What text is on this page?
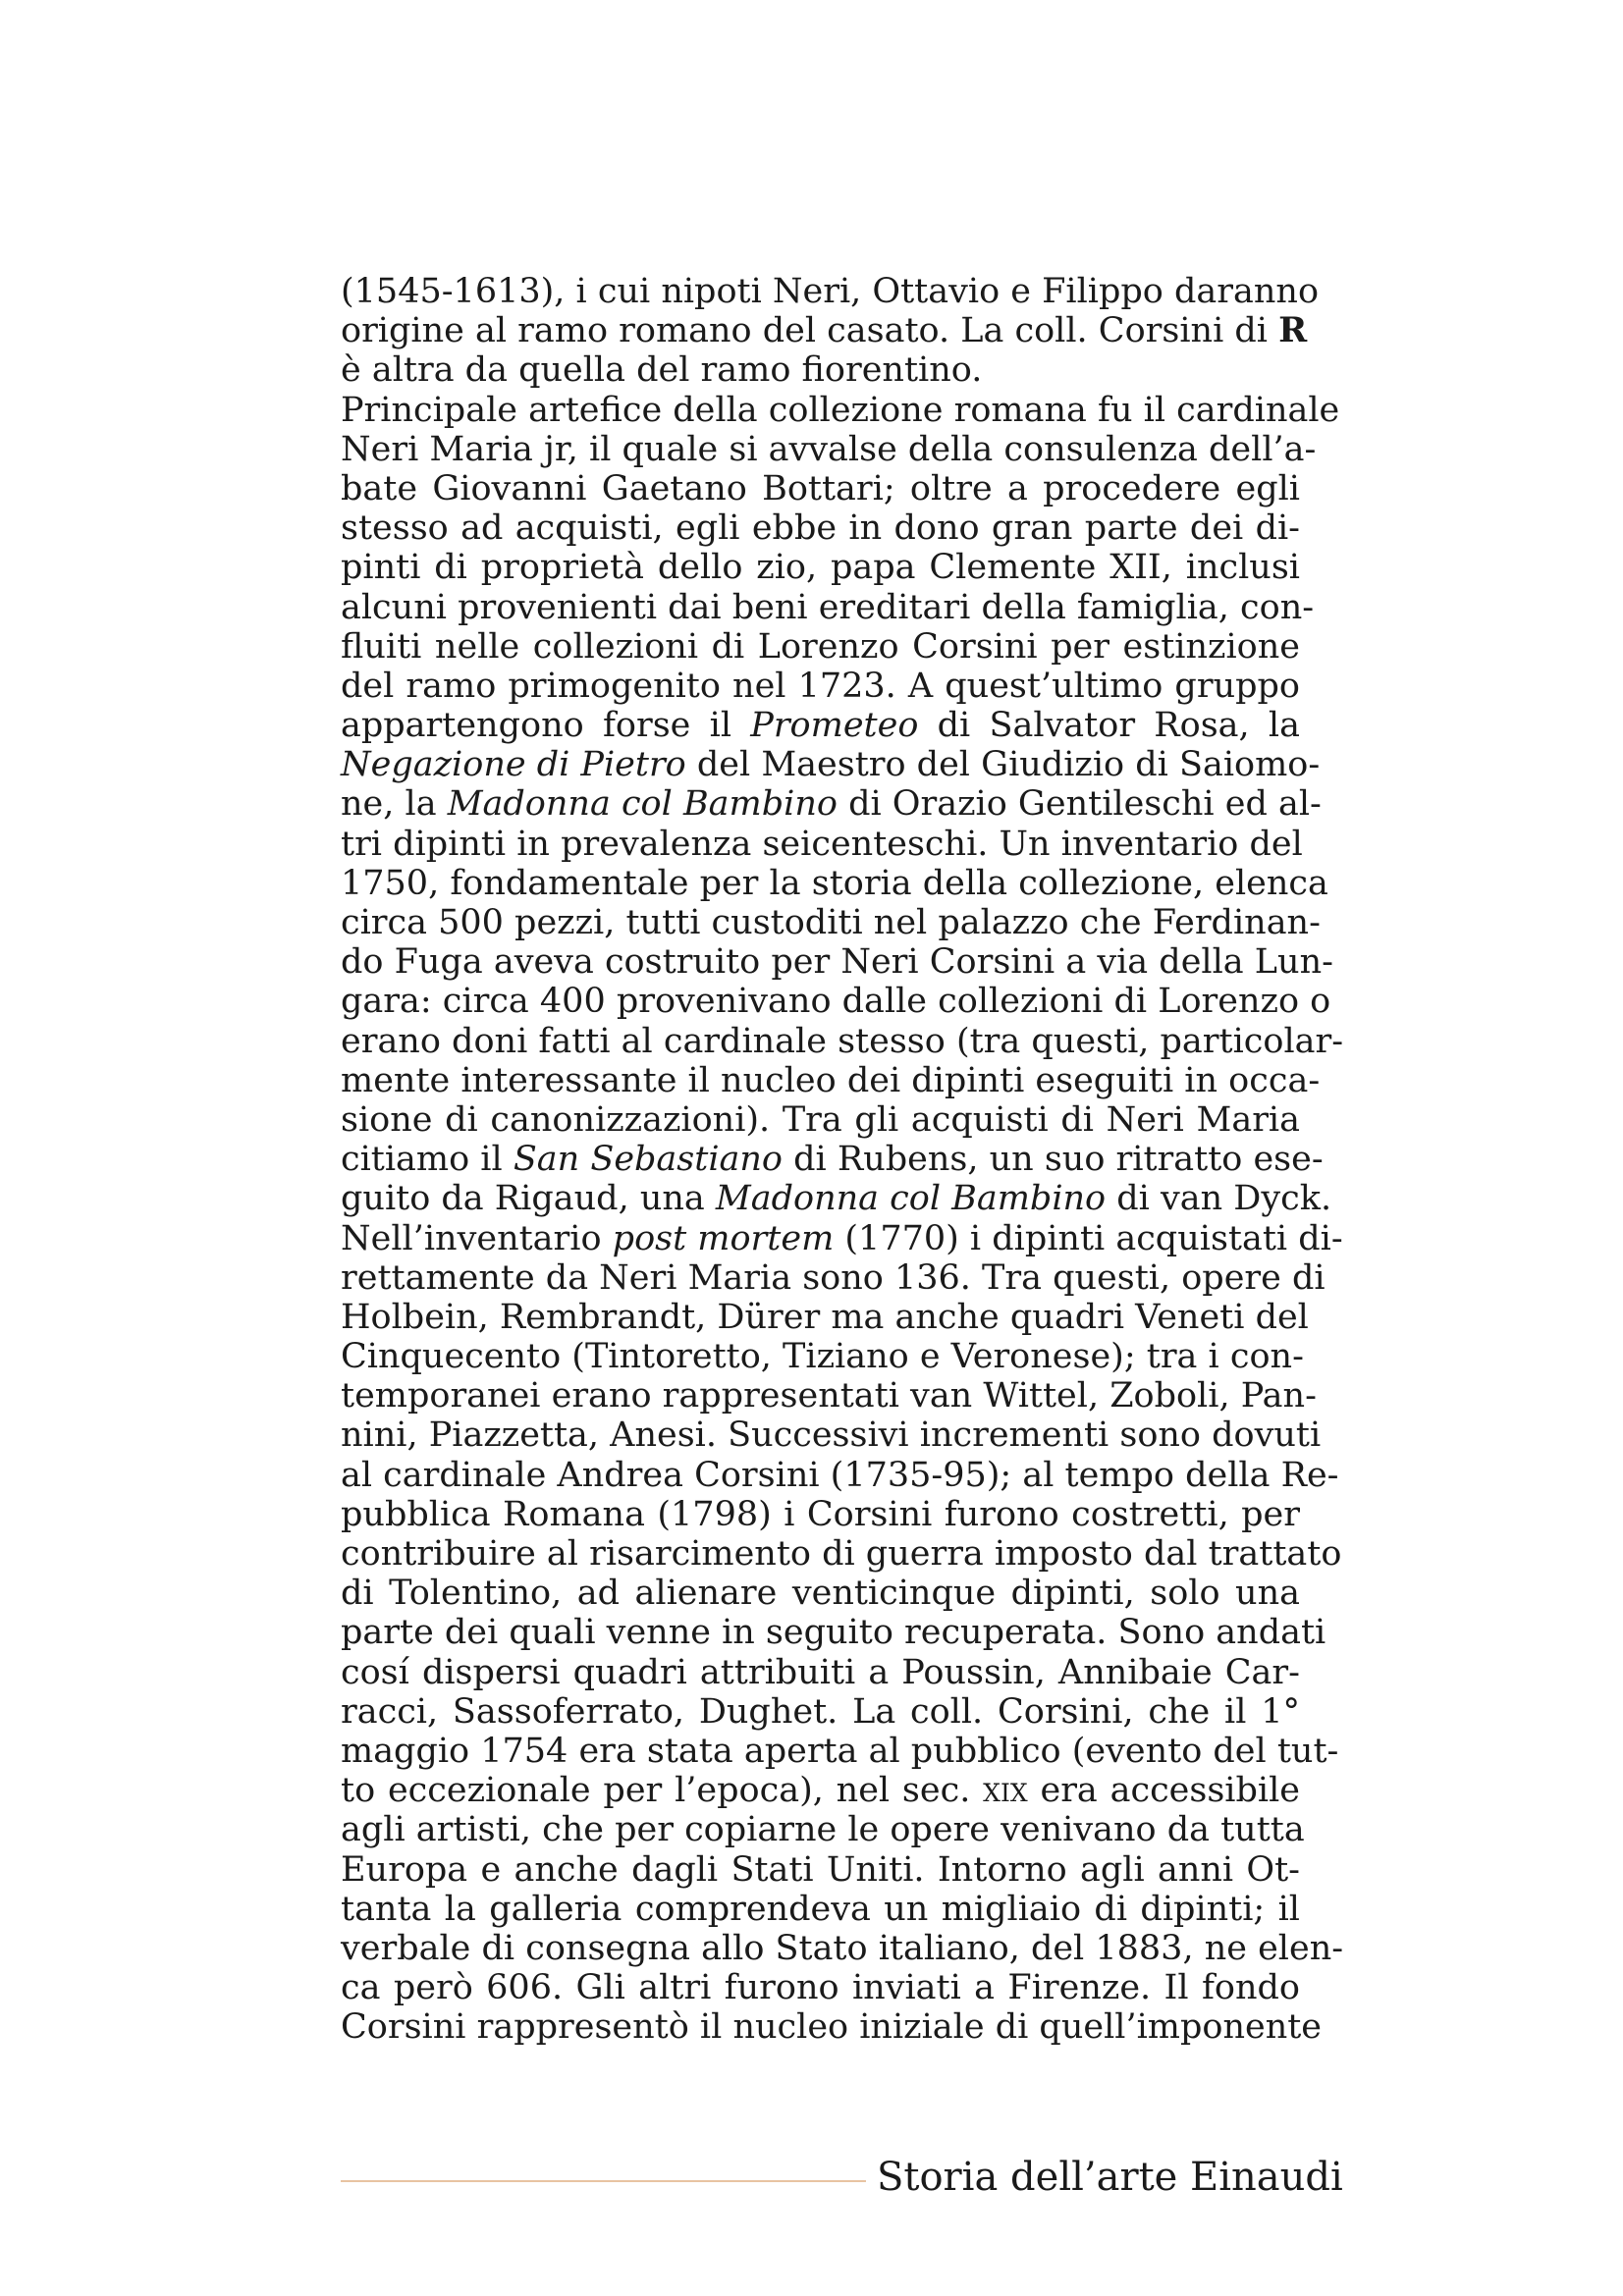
(1545-1613), i cui nipoti Neri, Ottavio e Filippo daranno
origine al ramo romano del casato. La coll. Corsini di R
è altra da quella del ramo fiorentino.
Principale artefice della collezione romana fu il cardinale
Neri Maria jr, il quale si avvalse della consulenza dell’a-
bate Giovanni Gaetano Bottari; oltre a procedere egli
stesso ad acquisti, egli ebbe in dono gran parte dei di-
pinti di proprietà dello zio, papa Clemente XII, inclusi
alcuni provenienti dai beni ereditari della famiglia, con-
fluiti nelle collezioni di Lorenzo Corsini per estinzione
del ramo primogenito nel 1723. A quest’ultimo gruppo
appartengono forse il Prometeo di Salvator Rosa, la
Negazione di Pietro del Maestro del Giudizio di Saiomo-
ne, la Madonna col Bambino di Orazio Gentileschi ed al-
tri dipinti in prevalenza seicenteschi. Un inventario del
1750, fondamentale per la storia della collezione, elenca
circa 500 pezzi, tutti custoditi nel palazzo che Ferdinan-
do Fuga aveva costruito per Neri Corsini a via della Lun-
gara: circa 400 provenivano dalle collezioni di Lorenzo o
erano doni fatti al cardinale stesso (tra questi, particolar-
mente interessante il nucleo dei dipinti eseguiti in occa-
sione di canonizzazioni). Tra gli acquisti di Neri Maria
citiamo il San Sebastiano di Rubens, un suo ritratto ese-
guito da Rigaud, una Madonna col Bambino di van Dyck.
Nell’inventario post mortem (1770) i dipinti acquistati di-
rettamente da Neri Maria sono 136. Tra questi, opere di
Holbein, Rembrandt, Dürer ma anche quadri Veneti del
Cinquecento (Tintoretto, Tiziano e Veronese); tra i con-
temporanei erano rappresentati van Wittel, Zoboli, Pan-
nini, Piazzetta, Anesi. Successivi incrementi sono dovuti
al cardinale Andrea Corsini (1735-95); al tempo della Re-
pubblica Romana (1798) i Corsini furono costretti, per
contribuire al risarcimento di guerra imposto dal trattato
di Tolentino, ad alienare venticinque dipinti, solo una
parte dei quali venne in seguito recuperata. Sono andati
cosí dispersi quadri attribuiti a Poussin, Annibaie Car-
racci, Sassoferrato, Dughet. La coll. Corsini, che il 1°
maggio 1754 era stata aperta al pubblico (evento del tut-
to eccezionale per l’epoca), nel sec. xix era accessibile
agli artisti, che per copiarne le opere venivano da tutta
Europa e anche dagli Stati Uniti. Intorno agli anni Ot-
tanta la galleria comprendeva un migliaio di dipinti; il
verbale di consegna allo Stato italiano, del 1883, ne elen-
ca però 606. Gli altri furono inviati a Firenze. Il fondo
Corsini rappresentò il nucleo iniziale di quell’imponente
Storia dell’arte Einaudi
